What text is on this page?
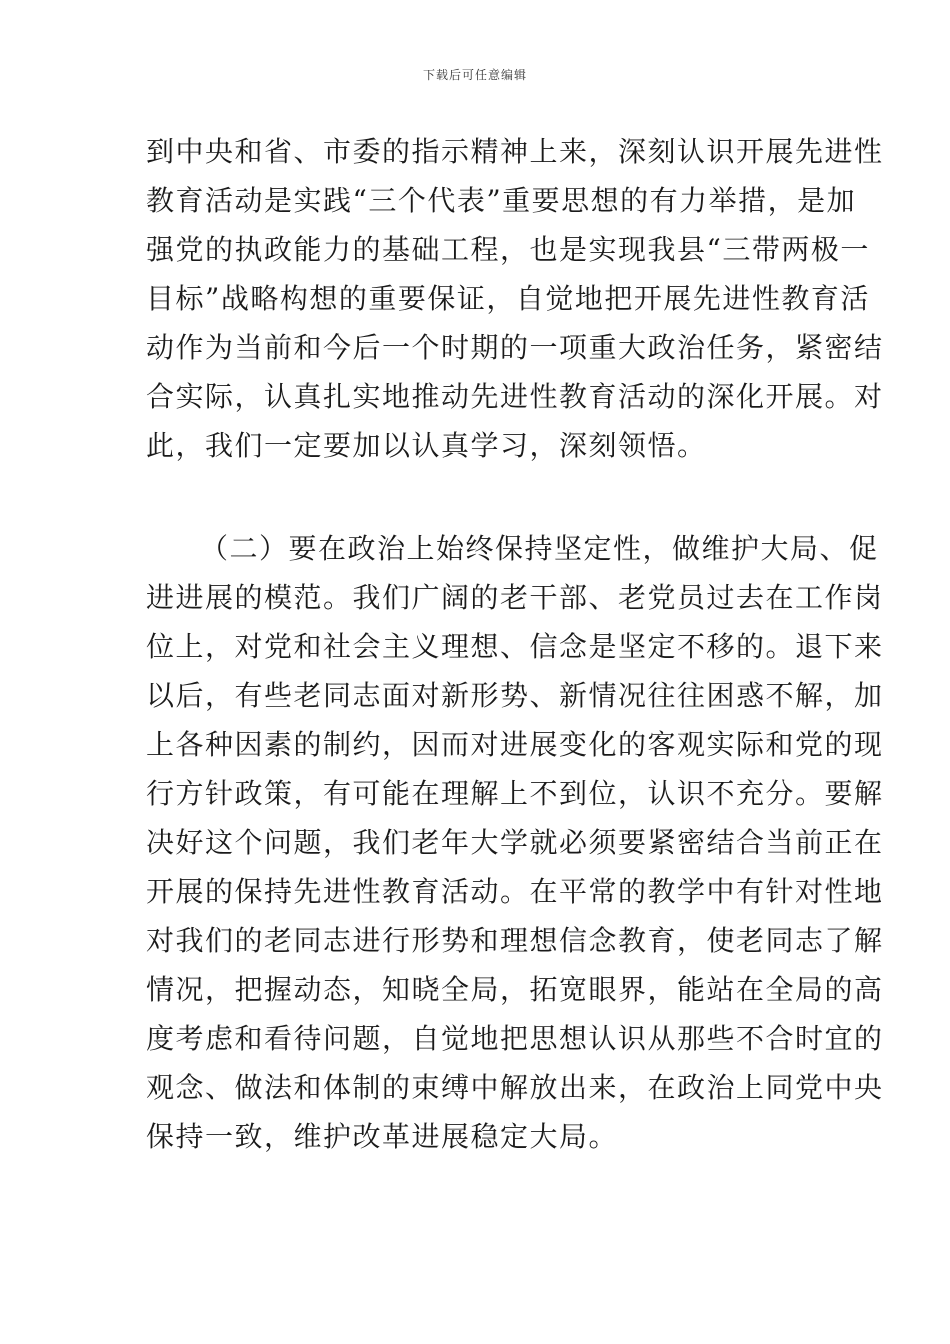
下载后可任意编辑
到中央和省、市委的指示精神上来，深刻认识开展先进性
教育活动是实践“三个代表”重要思想的有力举措，是加
强党的执政能力的基础工程，也是实现我县“三带两极一
目标”战略构想的重要保证，自觉地把开展先进性教育活
动作为当前和今后一个时期的一项重大政治任务，紧密结
合实际，认真扎实地推动先进性教育活动的深化开展。对
此，我们一定要加以认真学习，深刻领悟。
（二）要在政治上始终保持坚定性，做维护大局、促
进进展的模范。我们广阔的老干部、老党员过去在工作岗
位上，对党和社会主义理想、信念是坚定不移的。退下来
以后，有些老同志面对新形势、新情况往往困惑不解，加
上各种因素的制约，因而对进展变化的客观实际和党的现
行方针政策，有可能在理解上不到位，认识不充分。要解
决好这个问题，我们老年大学就必须要紧密结合当前正在
开展的保持先进性教育活动。在平常的教学中有针对性地
对我们的老同志进行形势和理想信念教育，使老同志了解
情况，把握动态，知晓全局，拓宽眼界，能站在全局的高
度考虑和看待问题，自觉地把思想认识从那些不合时宜的
观念、做法和体制的束缚中解放出来，在政治上同党中央
保持一致，维护改革进展稳定大局。
